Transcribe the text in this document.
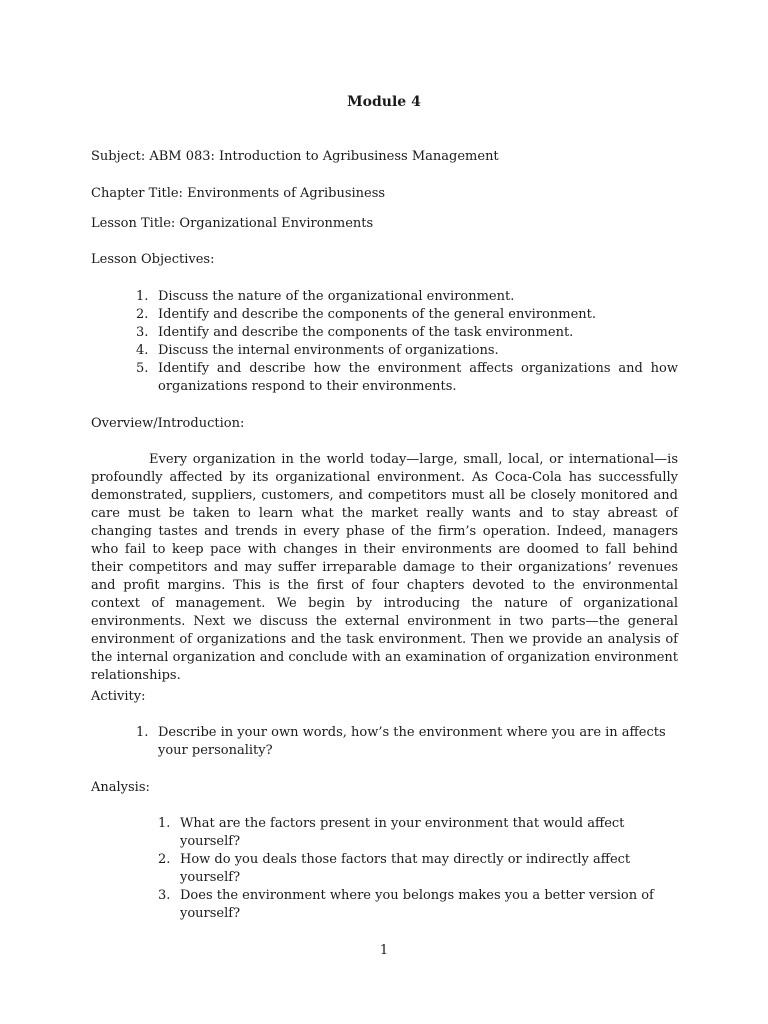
Module 4
Subject: ABM 083: Introduction to Agribusiness Management
Chapter Title: Environments of Agribusiness
Lesson Title: Organizational Environments
Lesson Objectives:
1. Discuss the nature of the organizational environment.
2. Identify and describe the components of the general environment.
3. Identify and describe the components of the task environment.
4. Discuss the internal environments of organizations.
5. Identify and describe how the environment affects organizations and how organizations respond to their environments.
Overview/Introduction:

Every organization in the world today—large, small, local, or international—is profoundly affected by its organizational environment. As Coca-Cola has successfully demonstrated, suppliers, customers, and competitors must all be closely monitored and care must be taken to learn what the market really wants and to stay abreast of changing tastes and trends in every phase of the firm’s operation. Indeed, managers who fail to keep pace with changes in their environments are doomed to fall behind their competitors and may suffer irreparable damage to their organizations’ revenues and profit margins. This is the first of four chapters devoted to the environmental context of management. We begin by introducing the nature of organizational environments. Next we discuss the external environment in two parts—the general environment of organizations and the task environment. Then we provide an analysis of the internal organization and conclude with an examination of organization environment relationships.

Activity:
1. Describe in your own words, how’s the environment where you are in affects your personality?
Analysis:
1. What are the factors present in your environment that would affect yourself?
2. How do you deals those factors that may directly or indirectly affect yourself?
3. Does the environment where you belongs makes you a better version of yourself?
1
